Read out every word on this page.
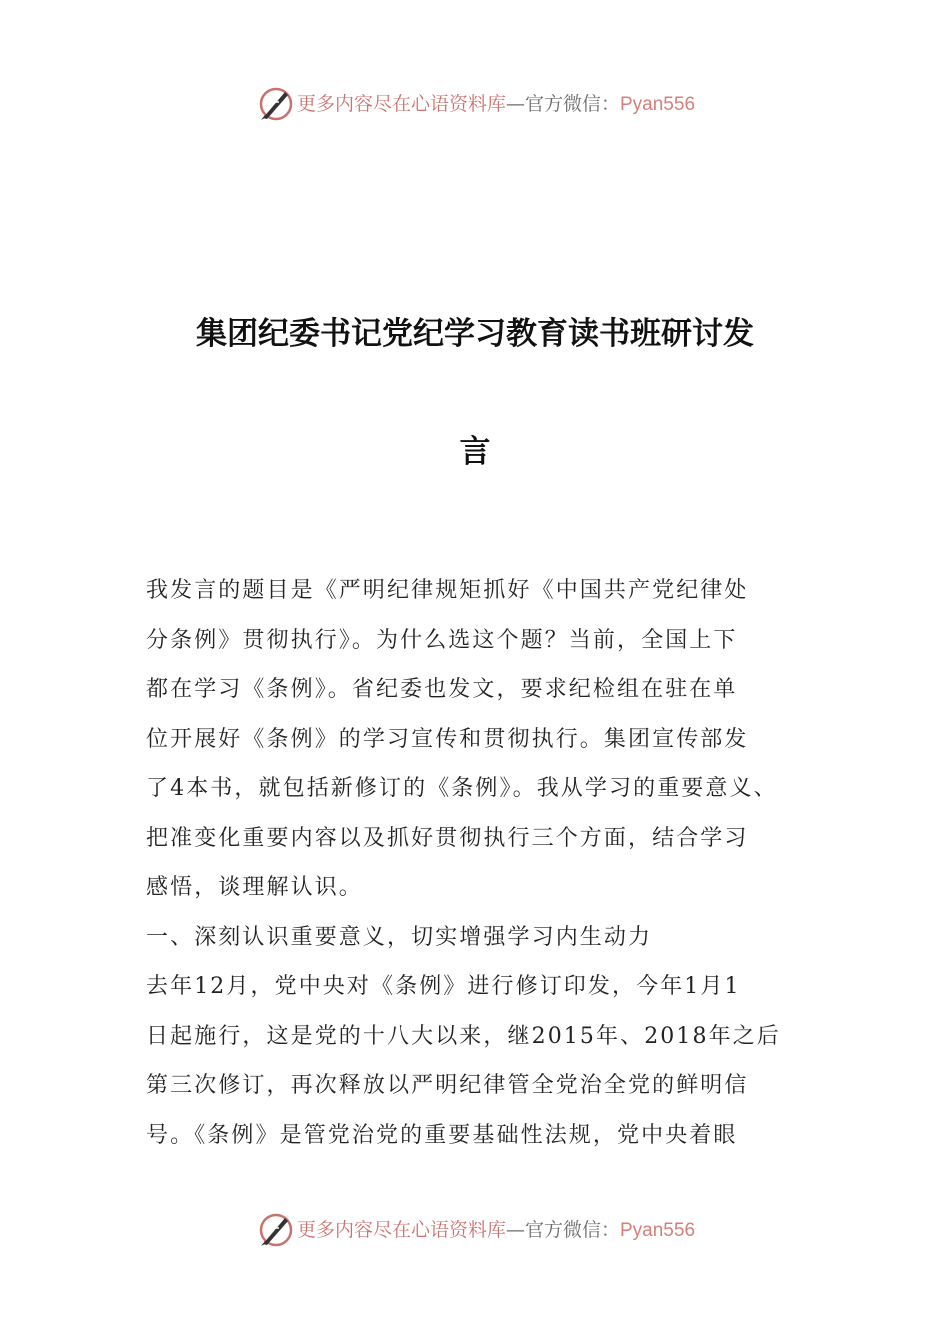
更多内容尽在心语资料库—官方微信：Pyan556
集团纪委书记党纪学习教育读书班研讨发
言

我发言的题目是《严明纪律规矩抓好《中国共产党纪律处

分条例》贯彻执行》。为什么选这个题？当前，全国上下

都在学习《条例》。省纪委也发文，要求纪检组在驻在单

位开展好《条例》的学习宣传和贯彻执行。集团宣传部发

了4本书，就包括新修订的《条例》。我从学习的重要意义、

把准变化重要内容以及抓好贯彻执行三个方面，结合学习

感悟，谈理解认识。

一、深刻认识重要意义，切实增强学习内生动力

去年12月，党中央对《条例》进行修订印发，今年1月1

日起施行，这是党的十八大以来，继2015年、2018年之后

第三次修订，再次释放以严明纪律管全党治全党的鲜明信

号。《条例》是管党治党的重要基础性法规，党中央着眼

更多内容尽在心语资料库—官方微信：Pyan556
